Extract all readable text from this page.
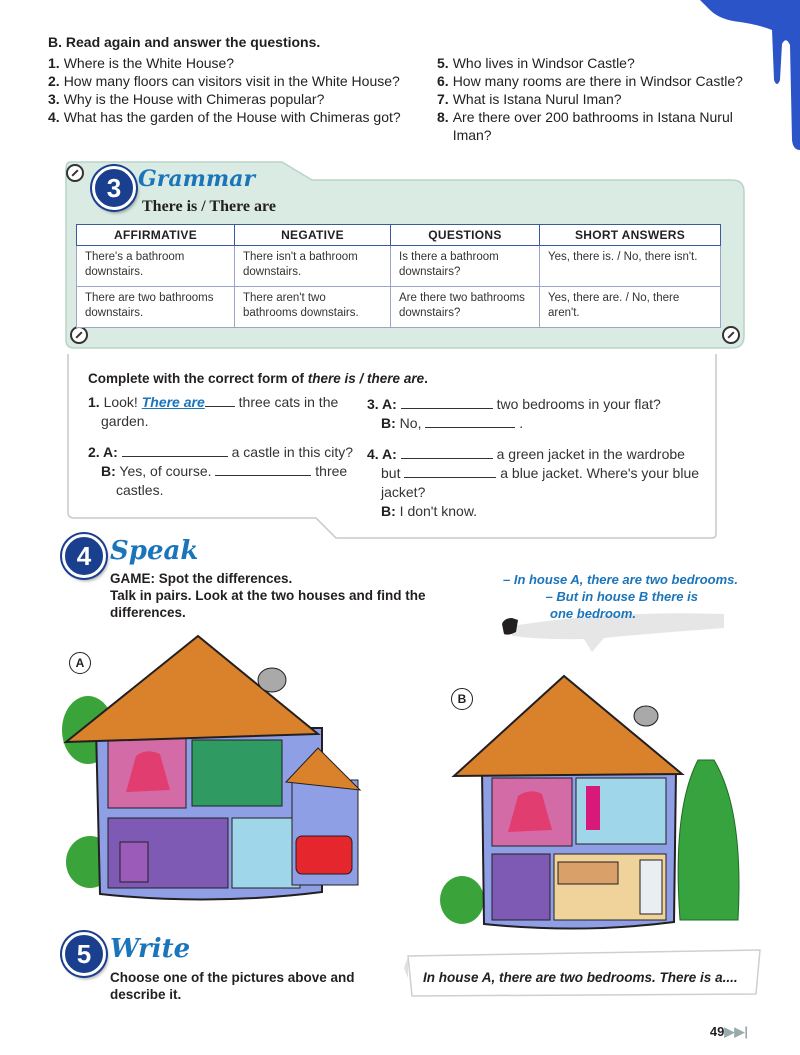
B. Read again and answer the questions.
1. Where is the White House?
2. How many floors can visitors visit in the White House?
3. Why is the House with Chimeras popular?
4. What has the garden of the House with Chimeras got?
5. Who lives in Windsor Castle?
6. How many rooms are there in Windsor Castle?
7. What is Istana Nurul Iman?
8. Are there over 200 bathrooms in Istana Nurul Iman?
3 Grammar
There is / There are
AFFIRMATIVE	NEGATIVE	QUESTIONS	SHORT ANSWERS
There's a bathroom downstairs.	There isn't a bathroom downstairs.	Is there a bathroom downstairs?	Yes, there is. / No, there isn't.
There are two bathrooms downstairs.	There aren't two bathrooms downstairs.	Are there two bathrooms downstairs?	Yes, there are. / No, there aren't.
Complete with the correct form of there is / there are.
1. Look! There are three cats in the
garden.
2. A:	a castle in this city?
B: Yes, of course.	three
castles.
3. A:	two bedrooms in your flat?
B: No,	.
4. A:	a green jacket in the wardrobe
but	a blue jacket. Where's your blue
jacket?
B: I don't know.
4 Speak
GAME: Spot the differences.
Talk in pairs. Look at the two houses and find the differences.
– In house A, there are two bedrooms.
– But in house B there is
one bedroom.
A
B
5 Write
Choose one of the pictures above and describe it.
In house A, there are two bedrooms. There is a....
49▶▶|
